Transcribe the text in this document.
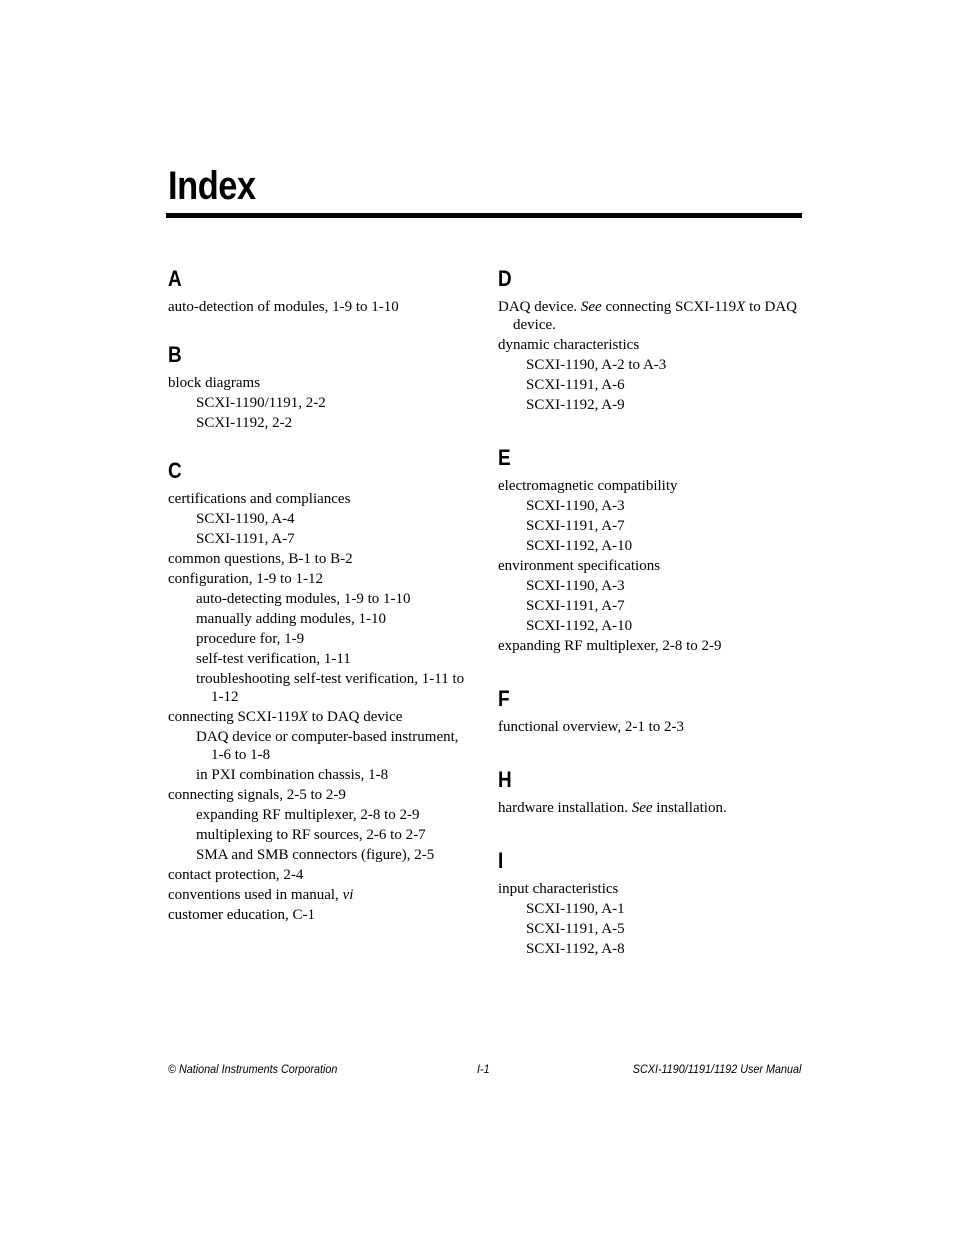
Index
A
auto-detection of modules, 1-9 to 1-10
B
block diagrams
SCXI-1190/1191, 2-2
SCXI-1192, 2-2
C
certifications and compliances
SCXI-1190, A-4
SCXI-1191, A-7
common questions, B-1 to B-2
configuration, 1-9 to 1-12
auto-detecting modules, 1-9 to 1-10
manually adding modules, 1-10
procedure for, 1-9
self-test verification, 1-11
troubleshooting self-test verification, 1-11 to 1-12
connecting SCXI-119X to DAQ device
DAQ device or computer-based instrument, 1-6 to 1-8
in PXI combination chassis, 1-8
connecting signals, 2-5 to 2-9
expanding RF multiplexer, 2-8 to 2-9
multiplexing to RF sources, 2-6 to 2-7
SMA and SMB connectors (figure), 2-5
contact protection, 2-4
conventions used in manual, vi
customer education, C-1
D
DAQ device. See connecting SCXI-119X to DAQ device.
dynamic characteristics
SCXI-1190, A-2 to A-3
SCXI-1191, A-6
SCXI-1192, A-9
E
electromagnetic compatibility
SCXI-1190, A-3
SCXI-1191, A-7
SCXI-1192, A-10
environment specifications
SCXI-1190, A-3
SCXI-1191, A-7
SCXI-1192, A-10
expanding RF multiplexer, 2-8 to 2-9
F
functional overview, 2-1 to 2-3
H
hardware installation. See installation.
I
input characteristics
SCXI-1190, A-1
SCXI-1191, A-5
SCXI-1192, A-8
© National Instruments Corporation	I-1	SCXI-1190/1191/1192 User Manual
